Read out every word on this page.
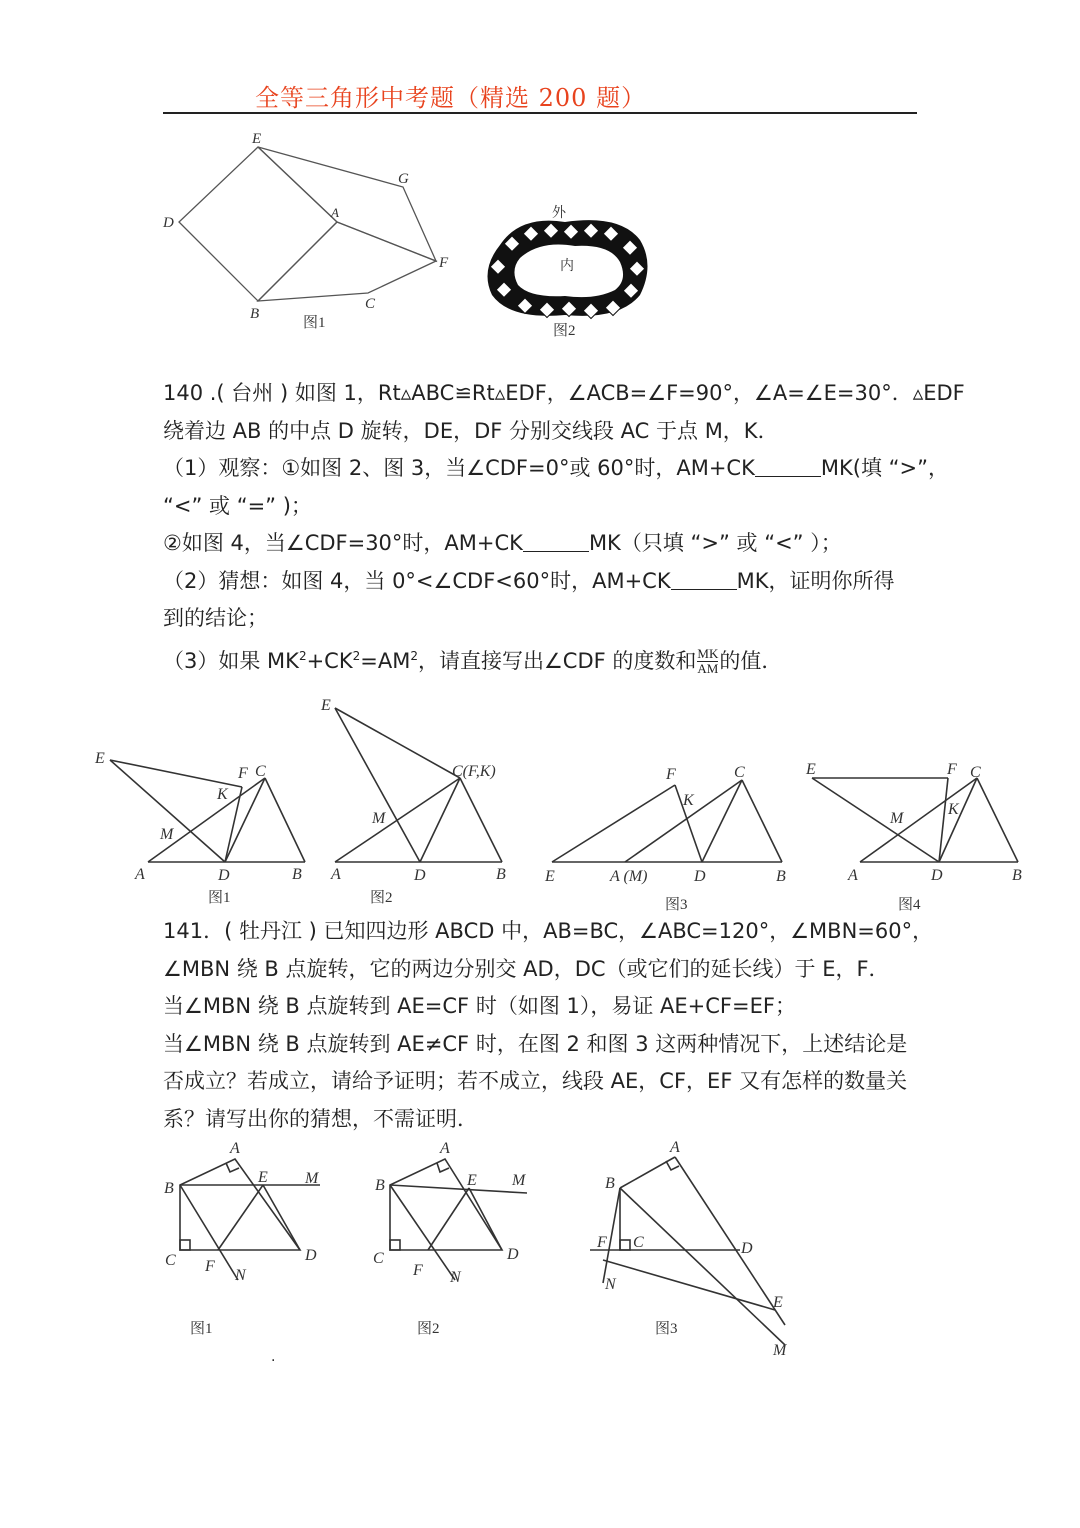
全等三角形中考题（精选 200 题）
E
D
A
G
F
B
C
图1
外
内
图2

140 .( 台州 ) 如图 1，Rt▵ABC≌Rt▵EDF，∠ACB=∠F=90°，∠A=∠E=30°．▵EDF

绕着边 AB 的中点 D 旋转，DE，DF 分别交线段 AC 于点 M，K．

（1）观察：①如图 2、图 3，当∠CDF=0°或 60°时，AM+CK	MK(填 “>”，

“<” 或 “=” )；

②如图 4，当∠CDF=30°时，AM+CK	MK（只填 “>” 或 “<” ）；

（2）猜想：如图 4，当 0°<∠CDF<60°时，AM+CK	MK，证明你所得

到的结论；

（3）如果 $MK^2+CK^2=AM^2$，请直接写出∠CDF 的度数和 $\frac{MK}{AM}$ 的值．

E
F C
K
M
A	D	B
图1
E
C(F,K)
M
A	D	B
图2
F	C
K
E	A (M)	D	B
图3
E	F C
K
M
A	D	B
图4

141．( 牡丹江 ) 已知四边形 ABCD 中，AB=BC，∠ABC=120°，∠MBN=60°，

∠MBN 绕 B 点旋转，它的两边分别交 AD，DC（或它们的延长线）于 E，F．

当∠MBN 绕 B 点旋转到 AE=CF 时（如图 1），易证 AE+CF=EF；

当∠MBN 绕 B 点旋转到 AE≠CF 时，在图 2 和图 3 这两种情况下，上述结论是

否成立？若成立，请给予证明；若不成立，线段 AE，CF，EF 又有怎样的数量关

系？请写出你的猜想，不需证明．

A
B
E M
C	D
F
N
图1
A
B	E M
C	D
F N
图2
A
B
F C	D
N
E
M
图3
.
